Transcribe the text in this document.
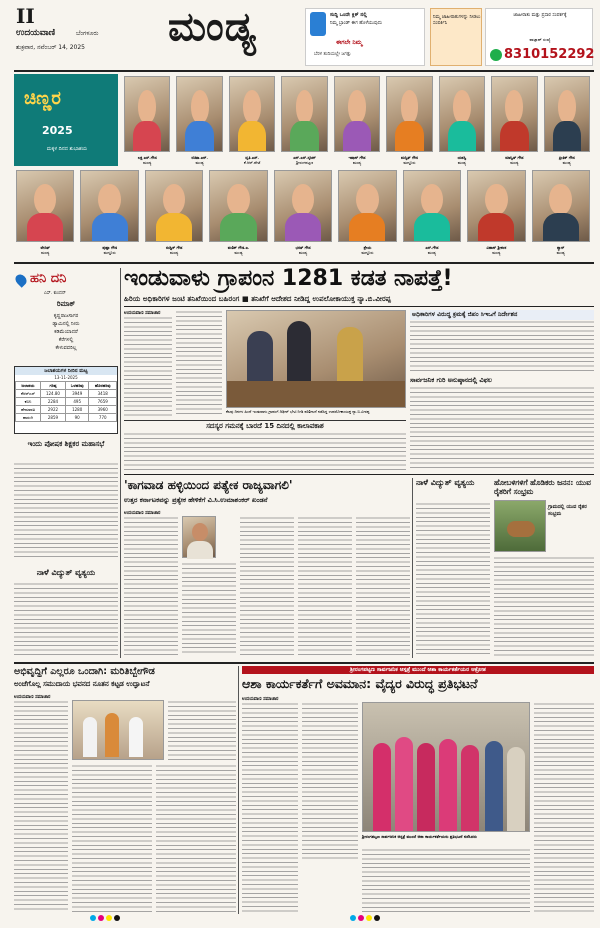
II
ಉದಯವಾಣಿ	ಬೆಂಗಳೂರು
ಶುಕ್ರವಾರ, ನವೆಂಬರ್ 14, 2025 ಮಂಡ್ಯ	ಸುದ್ದಿ ಒಂದೇ ಕ್ಲಿಕ್ ನಲ್ಲಿ
ನಿಮ್ಮ ಬ್ರಾಂಡ್ ಈಗ ಹೊಳೆಯುವುದು
ಈಗಲೇ ನಿಮ್ಮ
ಬೆರಳ ತುದಿಯಲ್ಲೇ ಜಗತ್ತು
ನಿಮ್ಮ ಜಾಹೀರಾತುಗಳನ್ನು ನೀಡಲು ಸಂಪರ್ಕಿಸಿ
ಜಾಹೀರಾತು ಮತ್ತು ಪ್ರಸಾರ ಸಂಪರ್ಕಕ್ಕೆ
ವಾಟ್ಸಾಪ್ ಸಂಖ್ಯೆ
8310152292
ಚಿಣ್ಣರ
2025
ಮಕ್ಕಳ ದಿನದ ಶುಭಾಶಯ
ಲಕ್ಷ ಎಸ್.ಗೌಡ
ಮಂಡ್ಯ
ರಚಿತಾ.ಎನ್.
ಮಂಡ್ಯ
ಧೃತಿ.ಎಸ್.
ಕೆ.ಆರ್.ಪೇಟೆ
ಎನ್.ಎಸ್.ಸೃಜನ್
ಶ್ರೀರಂಗಪಟ್ಟಣ
ಇಷಾನ್ ಗೌಡ
ಮಂಡ್ಯ
ಮನ್ವಿತ್ ಗೌಡ
ಮದ್ದೂರು
ಯಶಸ್ವಿ
ಮಂಡ್ಯ
ಮಾನ್ವಿತ್ ಗೌಡ
ಮಂಡ್ಯ
ಪ್ರೀತಿಕ್ ಗೌಡ
ಮಂಡ್ಯ
ವೇದಿತ್
ಮಂಡ್ಯ
ಪುಷ್ಪಾ ಗೌಡ
ಮದ್ದೂರು
ರುಥ್ವಿಕ್ ಗೌಡ
ಮಂಡ್ಯ
ವಂಶಿಕ್ ಗೌಡ.ಎ.
ಮಂಡ್ಯ
ಭರತ್ ಗೌಡ
ಮಂಡ್ಯ
ಶ್ರೇಯ
ಮದ್ದೂರು
ಎಸ್.ಗೌಡ
ಮಂಡ್ಯ
ವಿಹಾನ್ ಶ್ರೀಕಂಠ
ಮಂಡ್ಯ
ಶ್ವಾನ್
ಮಂಡ್ಯ
ಹನಿ ದನಿ
ಎಸ್. ಕುಂದನ್
ರಿಮಾಕ್
ಕೃಷ್ಣರಾಜಸಾಗರ
ಡ್ಯಾಮಿನಲ್ಲಿ ನೀರು
ಕಡಿಮೆಯಾದರೆ
ಕೆರೆಗಳಲ್ಲಿ
ಕೇಳುವವರಿಲ್ಲ
ಜಲಾಶಯಗಳ ನೀರಿನ ಮಟ್ಟ
13-11-2025
ಜಲಾಶಯ	ಗರಿಷ್ಠ	ಒಳಹರಿವು	ಹೊರಹರಿವು
ಕೆಆರ್‌ಎಸ್	124.80	3949	3418
ಕಬಿನಿ	2284	495	7659
ಹೇಮಾವತಿ	2922	1280	3960
ಹಾರಂಗಿ	2859	90	770
ಇಂದು ಪೋಷಕ ಶಿಕ್ಷಕರ ಮಹಾಸಭೆ
ನಾಳೆ ವಿದ್ಯುತ್ ವ್ಯತ್ಯಯ
ಇಂಡುವಾಳು ಗ್ರಾಪಂನ 1281 ಕಡತ ನಾಪತ್ತೆ!
ಹಿರಿಯ ಅಧಿಕಾರಿಗಳ ಜಂಟಿ ತನಿಖೆಯಿಂದ ಬಹಿರಂಗ ■ ತನಿಖೆಗೆ ಆದೇಶದ ನೀಡಿದ್ದ ಉಪಲೋಕಾಯುಕ್ತ ನ್ಯಾ.ಬಿ.ವೀರಪ್ಪ
ಉದಯವಾಣಿ ಸಮಾಚಾರ
ಕೆಲವು ದಿನಗಳ ಹಿಂದೆ ಇಂಡುವಾಳು ಗ್ರಾಪಂಗೆ ದಿಢೀರ್ ಭೇಟಿ ನೀಡಿ ಪರಿಶೀಲನೆ ನಡೆಸಿದ್ದ ಉಪಲೋಕಾಯುಕ್ತ ನ್ಯಾ.ಬಿ.ವೀರಪ್ಪ
ಸದಸ್ಯರ ಗಮನಕ್ಕೆ ಬಾರದೆ 15 ದಿನದಲ್ಲಿ ಕಾಲಾವಕಾಶ
ಅಧಿಕಾರಿಗಳ ವಿರುದ್ಧ ಕ್ರಮಕ್ಕೆ ಜಿಪಂ ಸಿಇಒಗೆ ನಿರ್ದೇಶನ
ಸಾರ್ವಜನಿಕ ಗುರಿ ಅನುಷ್ಠಾನದಲ್ಲಿ ವಿಫಲ
'ಕಾಗವಾಡ ಹಳ್ಳಿಯಿಂದ ಪತ್ಯೇಕ ರಾಜ್ಯವಾಗಲಿ'
ಉತ್ತರ ಕರ್ನಾಟಕವನ್ನು ಪ್ರತ್ಯೇಕ ಹೇಳಿಕೆಗೆ ವಿ.ಸಿ.ಉಮಾಶಂಕರ್ ಖಂಡನೆ
ಉದಯವಾಣಿ ಸಮಾಚಾರ
ನಾಳೆ ವಿದ್ಯುತ್ ವ್ಯತ್ಯಯ	ಹೋಬಳಿಗಳಿಗೆ ಹೊಡಿಕರು ಜನನ: ಯುವ ರೈತರಿಗೆ ಸಂಭ್ರಮ
ಗ್ರಾಮದಲ್ಲಿ ಯುವ ರೈತರ ಸಂಭ್ರಮ
ಅಭಿವೃದ್ಧಿಗೆ ಎಲ್ಲರೂ ಒಂದಾಗಿ: ಮರಿತಿಬ್ಬೇಗೌಡ
ಅಂಚೆಗೊಲ್ಲ ಸಮುದಾಯ ಭವನದ ನೂತನ ಕಟ್ಟಡ ಉದ್ಘಾಟನೆ
ಉದಯವಾಣಿ ಸಮಾಚಾರ
ಶ್ರೀರಂಗಪಟ್ಟಣ ಸಾರ್ವಜನಿಕ ಆಸ್ಪತ್ರೆ ಮುಂದೆ ಆಶಾ ಕಾರ್ಯಕರ್ತೆಯರ ಆಕ್ರೋಶ
ಆಶಾ ಕಾರ್ಯಕರ್ತೆಗೆ ಅವಮಾನ: ವೈದ್ಯರ ವಿರುದ್ಧ ಪ್ರತಿಭಟನೆ
ಉದಯವಾಣಿ ಸಮಾಚಾರ
ಶ್ರೀರಂಗಪಟ್ಟಣ ಸಾರ್ವಜನಿಕ ಆಸ್ಪತ್ರೆ ಮುಂದೆ ಆಶಾ ಕಾರ್ಯಕರ್ತೆಯರು ಪ್ರತಿಭಟನೆ ನಡೆಸಿದರು
